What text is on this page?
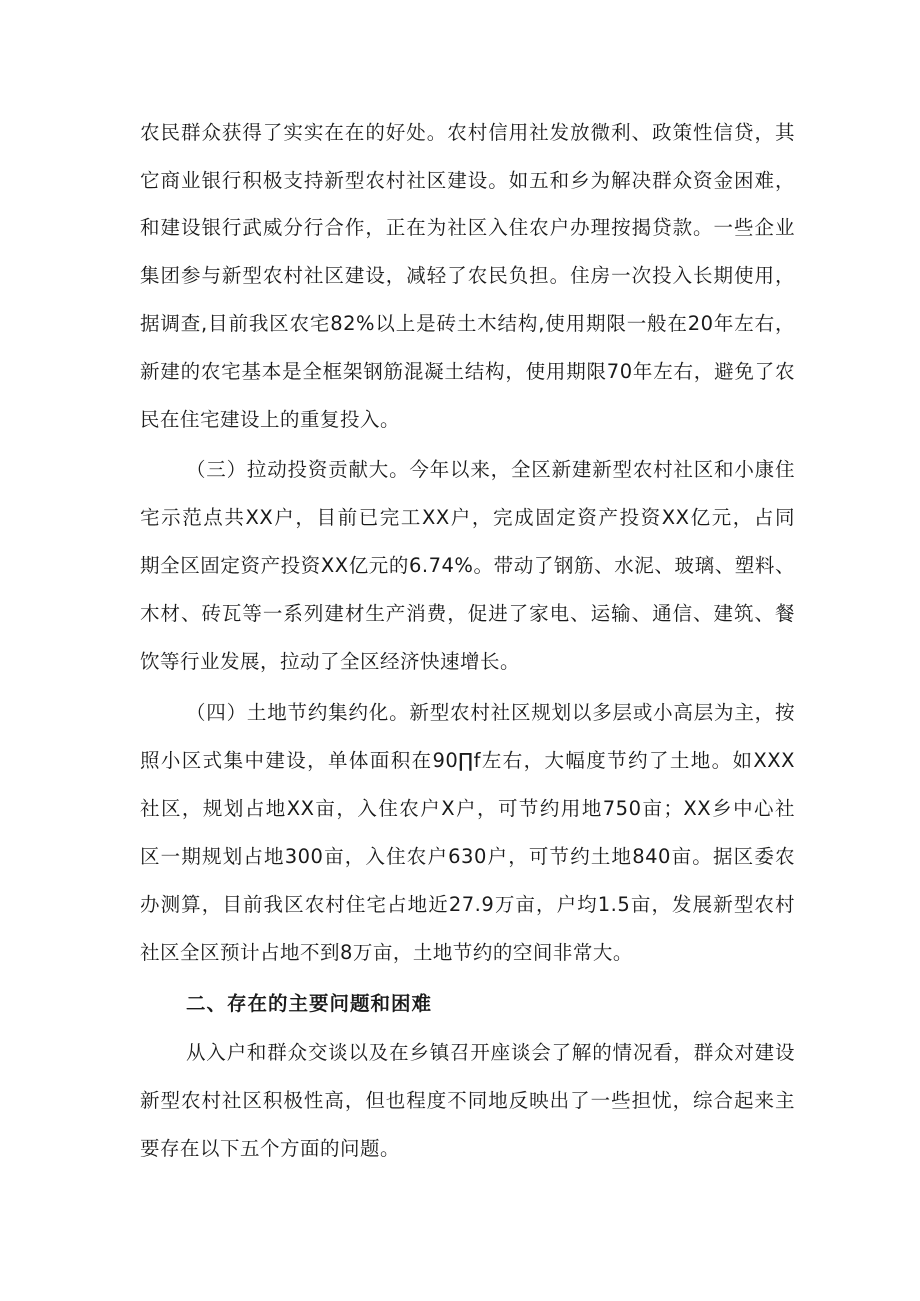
农民群众获得了实实在在的好处。农村信用社发放微利、政策性信贷，其
它商业银行积极支持新型农村社区建设。如五和乡为解决群众资金困难，
和建设银行武威分行合作，正在为社区入住农户办理按揭贷款。一些企业
集团参与新型农村社区建设，减轻了农民负担。住房一次投入长期使用，
据调查,目前我区农宅82%以上是砖土木结构,使用期限一般在20年左右，
新建的农宅基本是全框架钢筋混凝土结构，使用期限70年左右，避免了农
民在住宅建设上的重复投入。
（三）拉动投资贡献大。今年以来，全区新建新型农村社区和小康住
宅示范点共XX户，目前已完工XX户，完成固定资产投资XX亿元，占同
期全区固定资产投资XX亿元的6.74%。带动了钢筋、水泥、玻璃、塑料、
木材、砖瓦等一系列建材生产消费，促进了家电、运输、通信、建筑、餐
饮等行业发展，拉动了全区经济快速增长。
（四）土地节约集约化。新型农村社区规划以多层或小高层为主，按
照小区式集中建设，单体面积在90∏f左右，大幅度节约了土地。如XXX
社区，规划占地XX亩，入住农户X户，可节约用地750亩；XX乡中心社
区一期规划占地300亩，入住农户630户，可节约土地840亩。据区委农
办测算，目前我区农村住宅占地近27.9万亩，户均1.5亩，发展新型农村
社区全区预计占地不到8万亩，土地节约的空间非常大。
二、存在的主要问题和困难
从入户和群众交谈以及在乡镇召开座谈会了解的情况看，群众对建设
新型农村社区积极性高，但也程度不同地反映出了一些担忧，综合起来主
要存在以下五个方面的问题。
